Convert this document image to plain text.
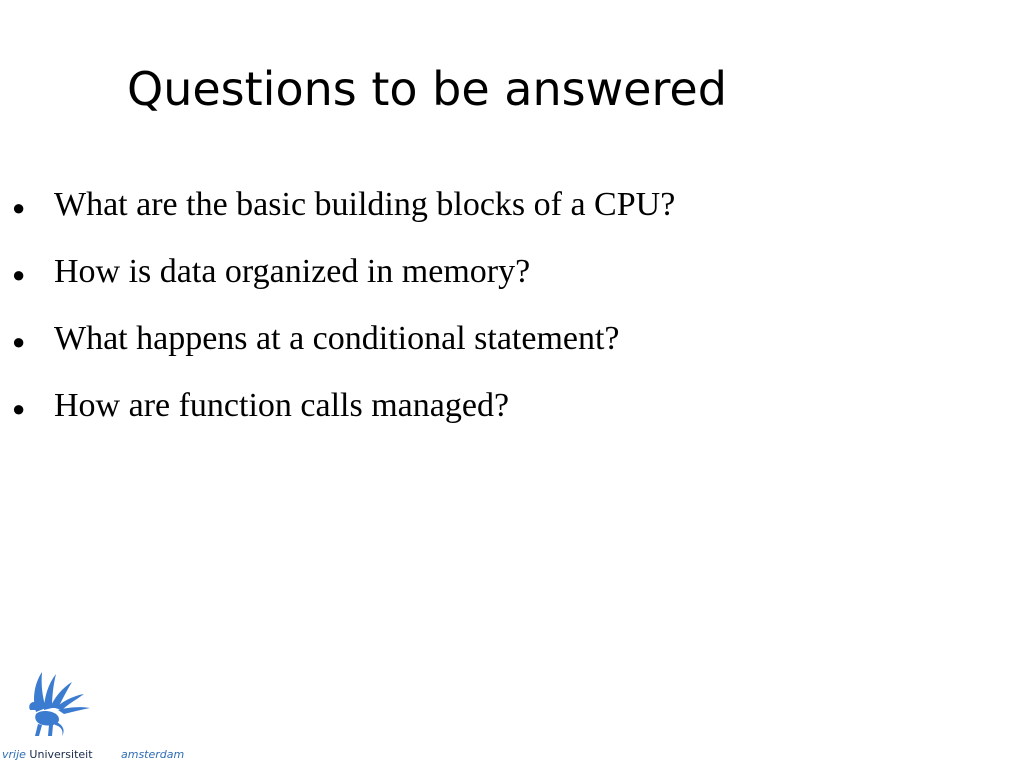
Questions to be answered
● What are the basic building blocks of a CPU?
● How is data organized in memory?
● What happens at a conditional statement?
● How are function calls managed?
vrije Universiteit	amsterdam
